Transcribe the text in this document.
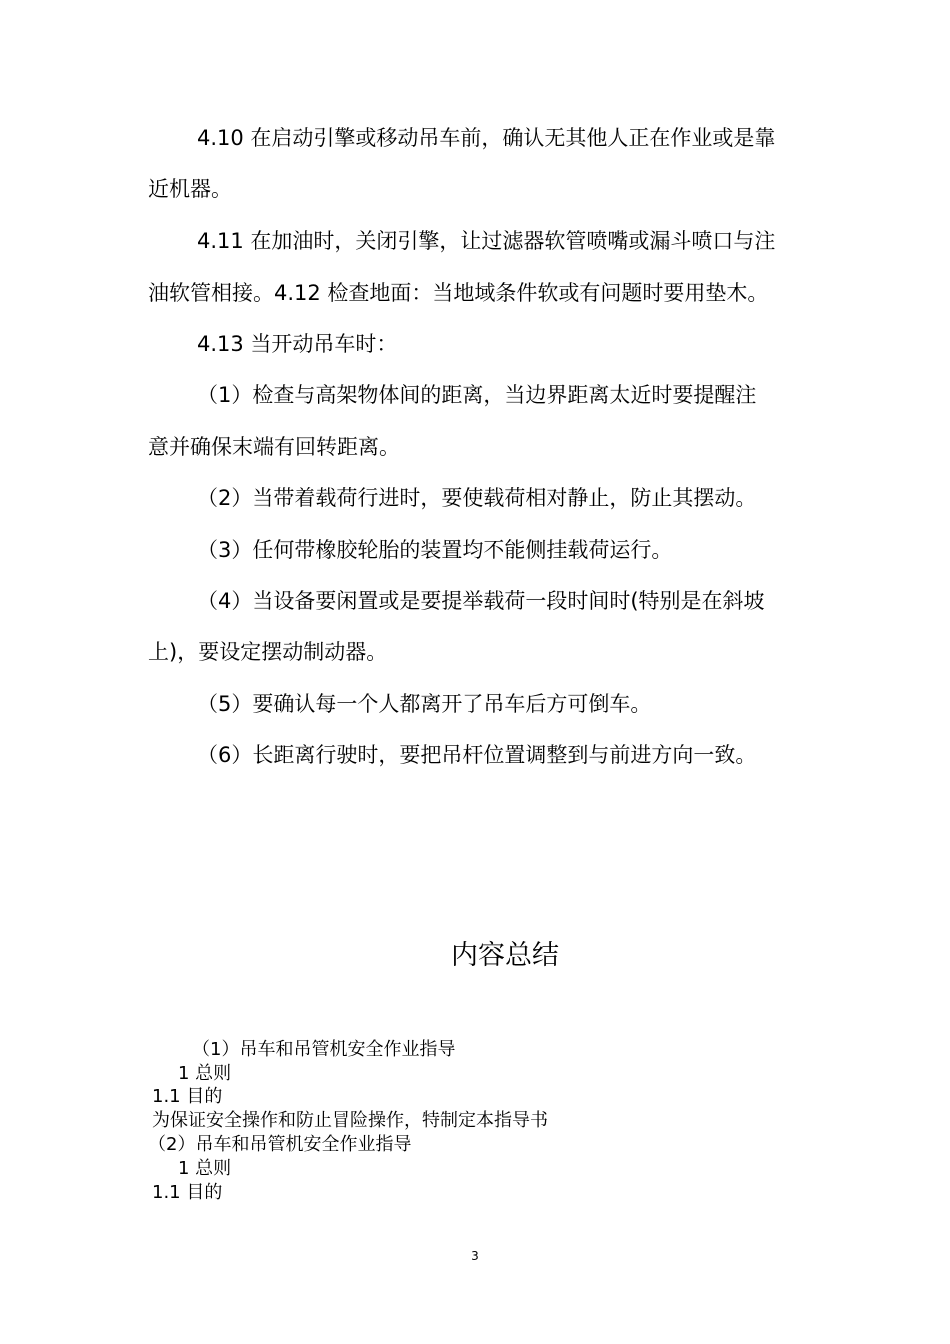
4.10 在启动引擎或移动吊车前，确认无其他人正在作业或是靠

近机器。

4.11 在加油时，关闭引擎，让过滤器软管喷嘴或漏斗喷口与注

油软管相接。4.12 检查地面：当地域条件软或有问题时要用垫木。

4.13 当开动吊车时：

（1）检查与高架物体间的距离，当边界距离太近时要提醒注

意并确保末端有回转距离。

（2）当带着载荷行进时，要使载荷相对静止，防止其摆动。

（3）任何带橡胶轮胎的装置均不能侧挂载荷运行。

（4）当设备要闲置或是要提举载荷一段时间时(特别是在斜坡

上)，要设定摆动制动器。

（5）要确认每一个人都离开了吊车后方可倒车。

（6）长距离行驶时，要把吊杆位置调整到与前进方向一致。

内容总结

（1）吊车和吊管机安全作业指导

1 总则

1.1 目的

为保证安全操作和防止冒险操作，特制定本指导书

（2）吊车和吊管机安全作业指导

1 总则

1.1 目的

3
